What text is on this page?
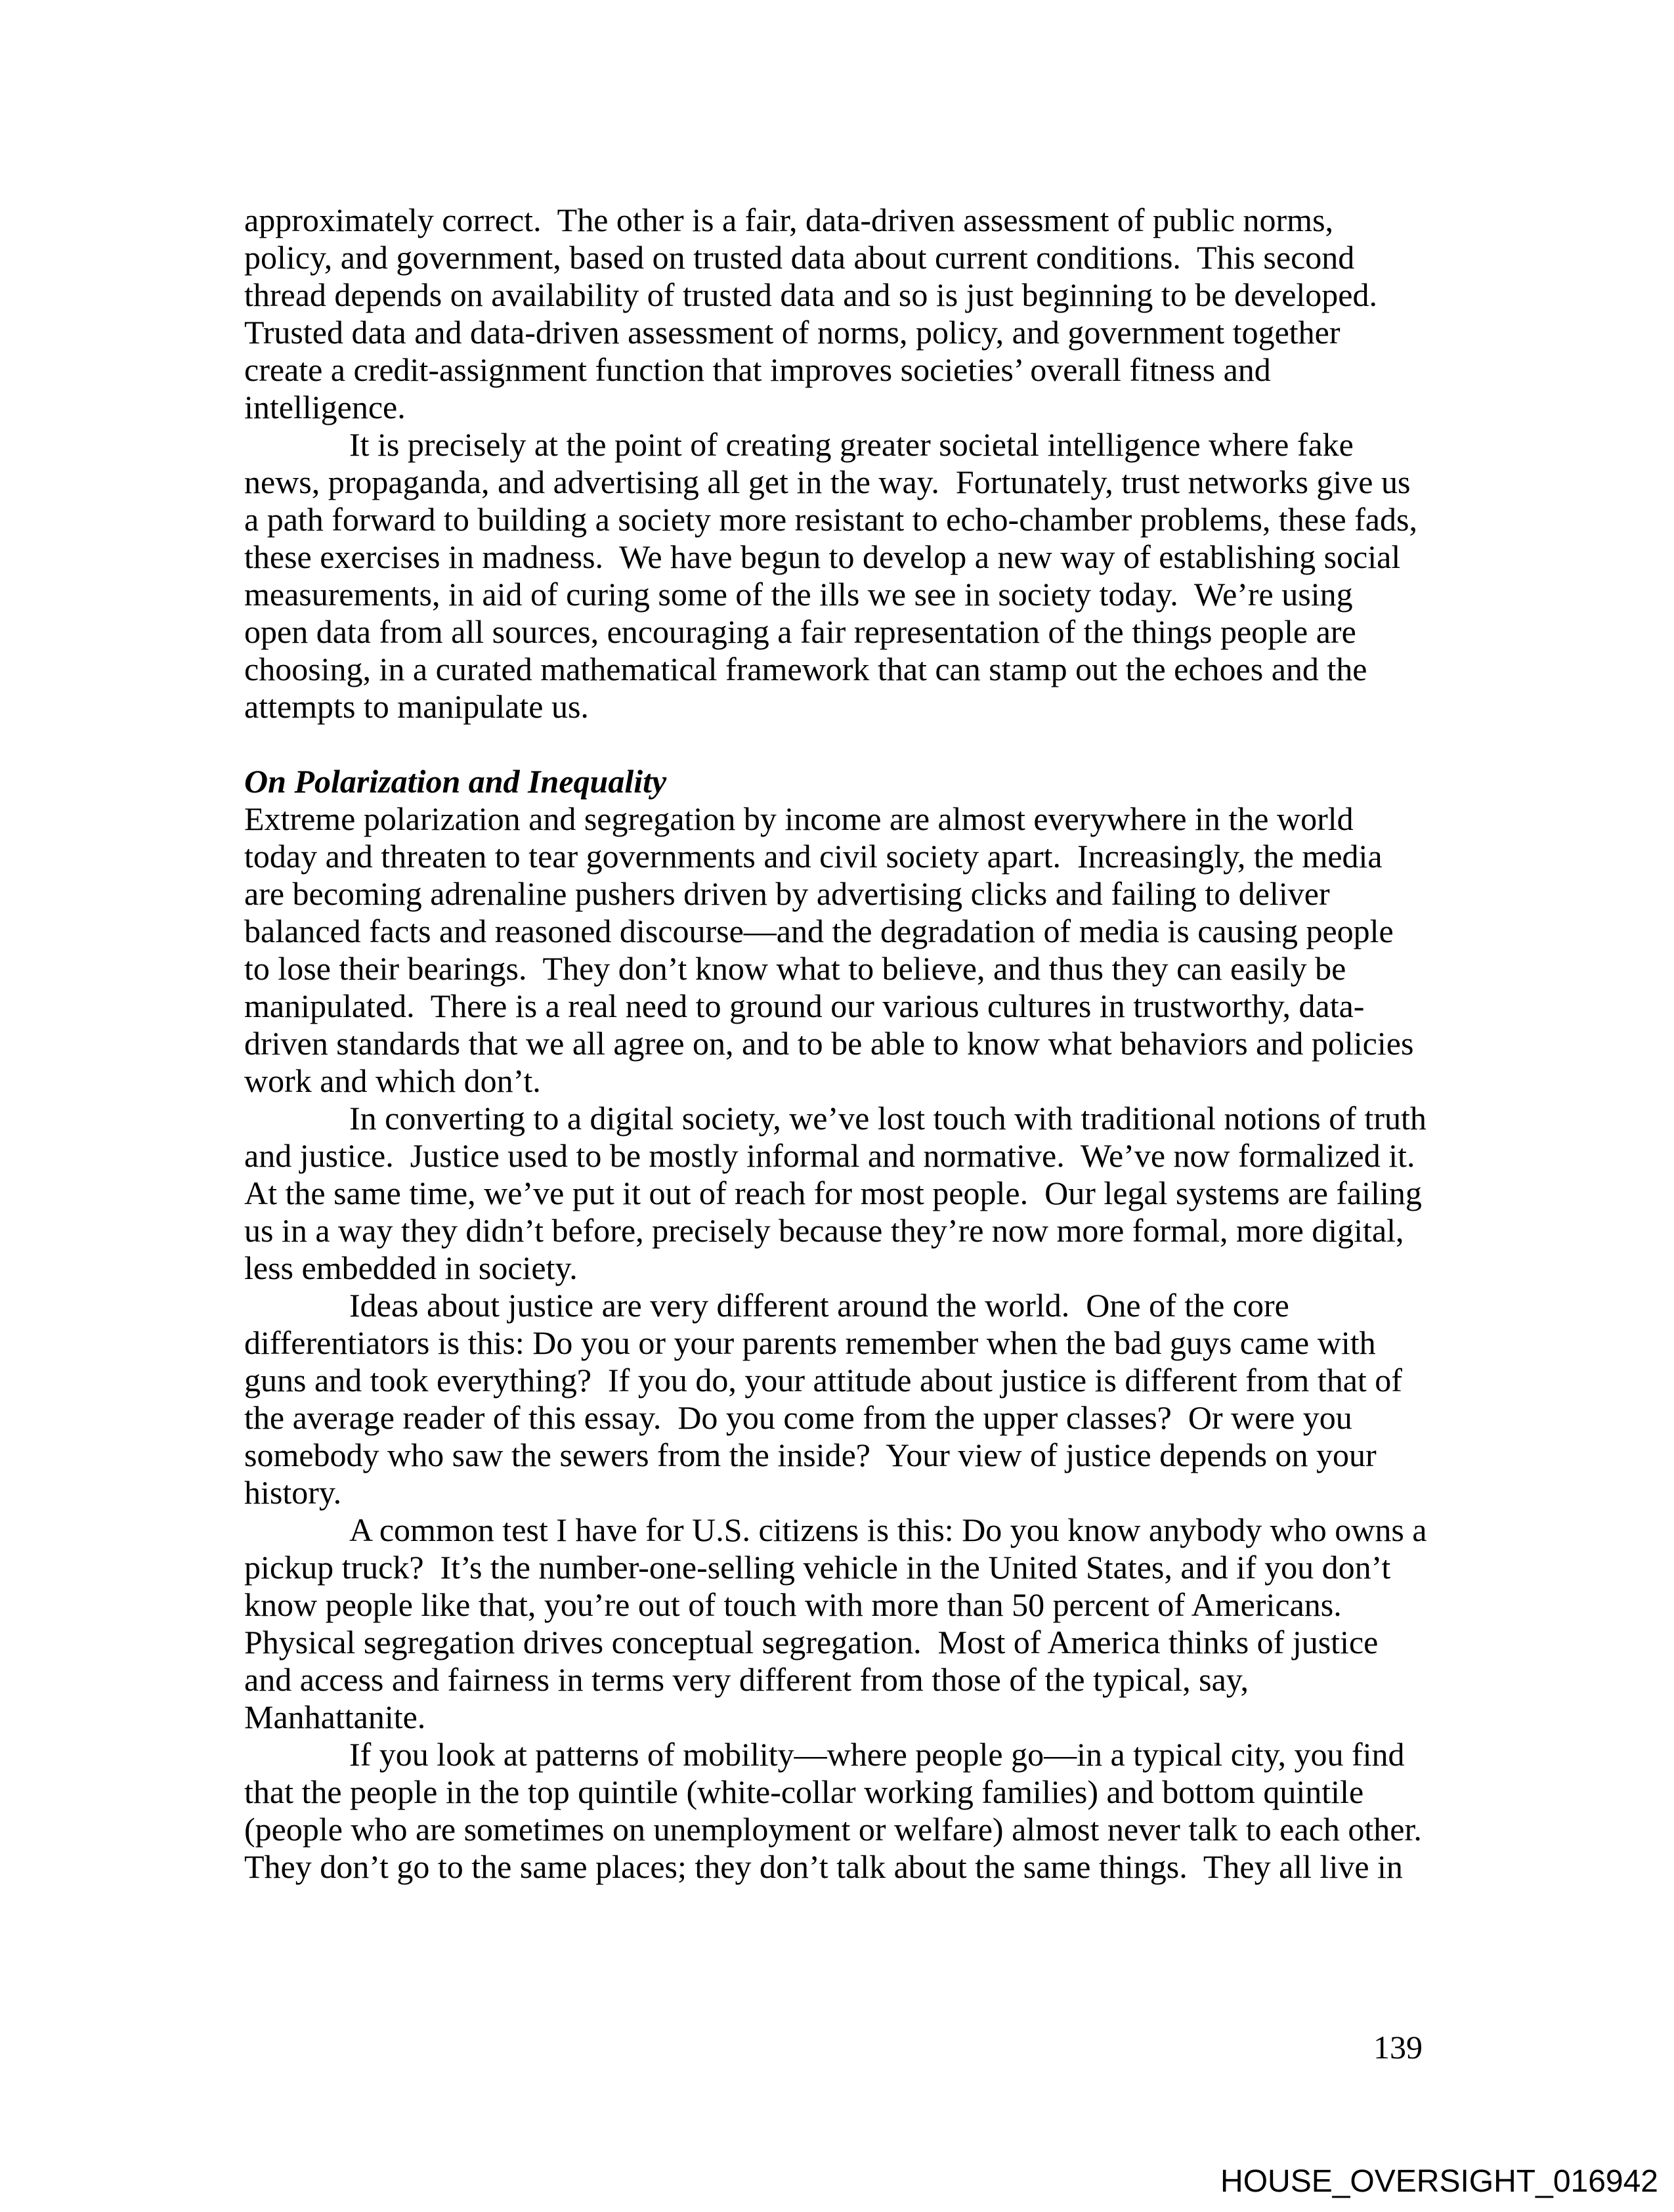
approximately correct.  The other is a fair, data-driven assessment of public norms,
policy, and government, based on trusted data about current conditions.  This second
thread depends on availability of trusted data and so is just beginning to be developed.
Trusted data and data-driven assessment of norms, policy, and government together
create a credit-assignment function that improves societies’ overall fitness and
intelligence.
It is precisely at the point of creating greater societal intelligence where fake
news, propaganda, and advertising all get in the way.  Fortunately, trust networks give us
a path forward to building a society more resistant to echo-chamber problems, these fads,
these exercises in madness.  We have begun to develop a new way of establishing social
measurements, in aid of curing some of the ills we see in society today.  We’re using
open data from all sources, encouraging a fair representation of the things people are
choosing, in a curated mathematical framework that can stamp out the echoes and the
attempts to manipulate us.
On Polarization and Inequality
Extreme polarization and segregation by income are almost everywhere in the world
today and threaten to tear governments and civil society apart.  Increasingly, the media
are becoming adrenaline pushers driven by advertising clicks and failing to deliver
balanced facts and reasoned discourse—and the degradation of media is causing people
to lose their bearings.  They don’t know what to believe, and thus they can easily be
manipulated.  There is a real need to ground our various cultures in trustworthy, data-
driven standards that we all agree on, and to be able to know what behaviors and policies
work and which don’t.
In converting to a digital society, we’ve lost touch with traditional notions of truth
and justice.  Justice used to be mostly informal and normative.  We’ve now formalized it.
At the same time, we’ve put it out of reach for most people.  Our legal systems are failing
us in a way they didn’t before, precisely because they’re now more formal, more digital,
less embedded in society.
Ideas about justice are very different around the world.  One of the core
differentiators is this: Do you or your parents remember when the bad guys came with
guns and took everything?  If you do, your attitude about justice is different from that of
the average reader of this essay.  Do you come from the upper classes?  Or were you
somebody who saw the sewers from the inside?  Your view of justice depends on your
history.
A common test I have for U.S. citizens is this: Do you know anybody who owns a
pickup truck?  It’s the number-one-selling vehicle in the United States, and if you don’t
know people like that, you’re out of touch with more than 50 percent of Americans.
Physical segregation drives conceptual segregation.  Most of America thinks of justice
and access and fairness in terms very different from those of the typical, say,
Manhattanite.
If you look at patterns of mobility—where people go—in a typical city, you find
that the people in the top quintile (white-collar working families) and bottom quintile
(people who are sometimes on unemployment or welfare) almost never talk to each other.
They don’t go to the same places; they don’t talk about the same things.  They all live in
139
HOUSE_OVERSIGHT_016942
